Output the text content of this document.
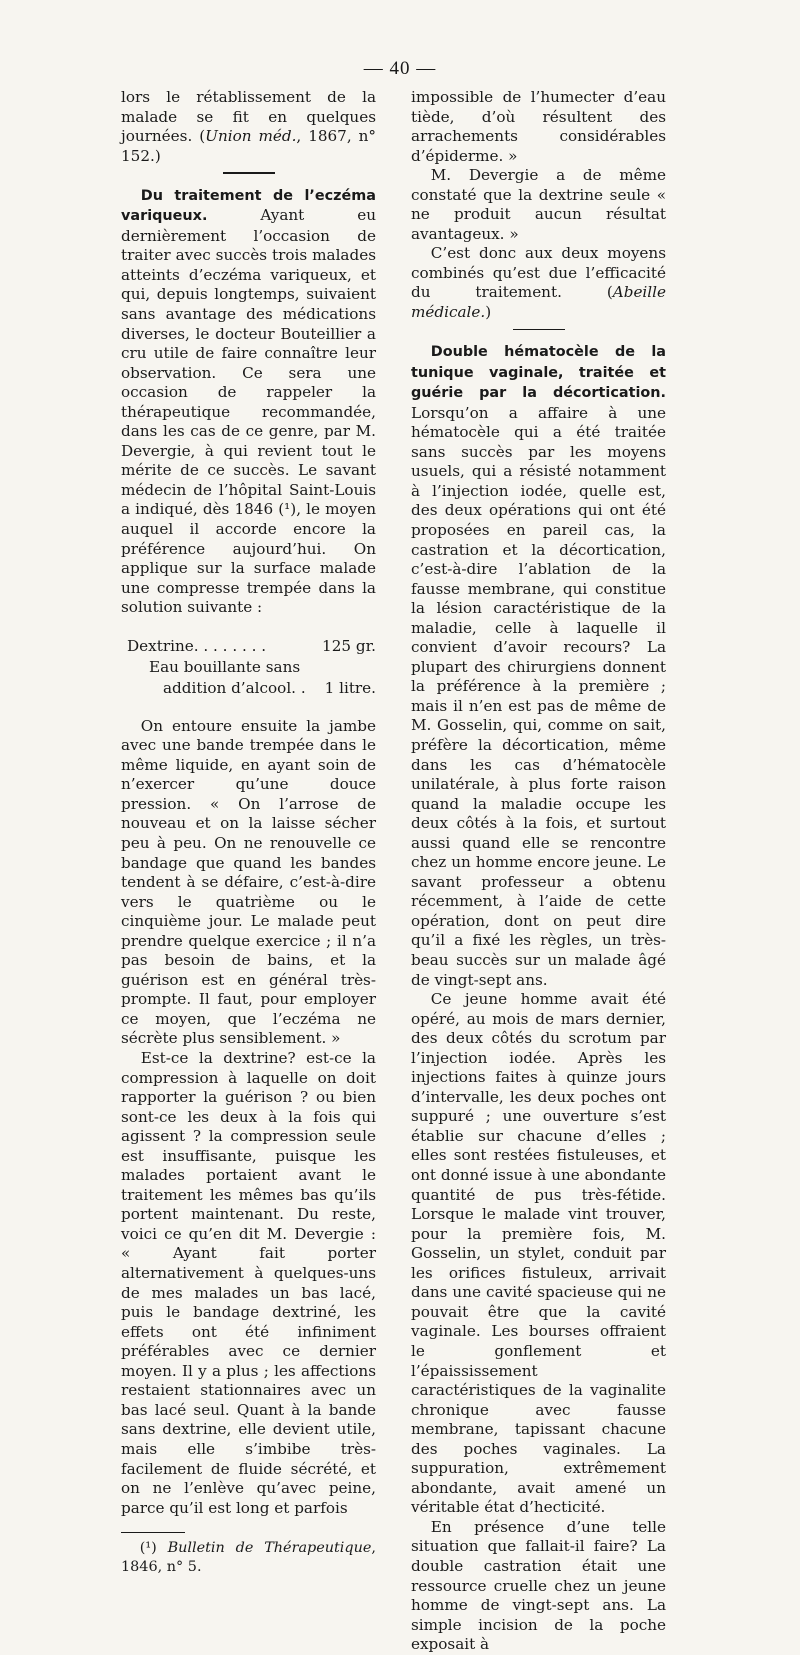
— 40 —

lors le rétablissement de la malade se fit en quelques journées. (Union méd., 1867, n° 152.)

Du traitement de l’eczéma variqueux. Ayant eu dernièrement l’occasion de traiter avec succès trois malades atteints d’eczéma variqueux, et qui, depuis longtemps, suivaient sans avantage des médications diverses, le docteur Bouteillier a cru utile de faire connaître leur observation. Ce sera une occasion de rappeler la thérapeutique recommandée, dans les cas de ce genre, par M. Devergie, à qui revient tout le mérite de ce succès. Le savant médecin de l’hôpital Saint-Louis a indiqué, dès 1846 (¹), le moyen auquel il accorde encore la préférence aujourd’hui. On applique sur la surface malade une compresse trempée dans la solution suivante :

Dextrine. . . . . . . .	125 gr.
Eau bouillante sans
addition d’alcool. . 1 litre.

On entoure ensuite la jambe avec une bande trempée dans le même liquide, en ayant soin de n’exercer qu’une douce pression. « On l’arrose de nouveau et on la laisse sécher peu à peu. On ne renouvelle ce bandage que quand les bandes tendent à se défaire, c’est-à-dire vers le quatrième ou le cinquième jour. Le malade peut prendre quelque exercice ; il n’a pas besoin de bains, et la guérison est en général très-prompte. Il faut, pour employer ce moyen, que l’eczéma ne sécrète plus sensiblement. »

Est-ce la dextrine? est-ce la compression à laquelle on doit rapporter la guérison ? ou bien sont-ce les deux à la fois qui agissent ? la compression seule est insuffisante, puisque les malades portaient avant le traitement les mêmes bas qu’ils portent maintenant. Du reste, voici ce qu’en dit M. Devergie : « Ayant fait porter alternativement à quelques-uns de mes malades un bas lacé, puis le bandage dextriné, les effets ont été infiniment préférables avec ce dernier moyen. Il y a plus ; les affections restaient stationnaires avec un bas lacé seul. Quant à la bande sans dextrine, elle devient utile, mais elle s’imbibe très-facilement de fluide sécrété, et on ne l’enlève qu’avec peine, parce qu’il est long et parfois

(¹) Bulletin de Thérapeutique, 1846, n° 5.

impossible de l’humecter d’eau tiède, d’où résultent des arrachements considérables d’épiderme. »

M. Devergie a de même constaté que la dextrine seule « ne produit aucun résultat avantageux. »

C’est donc aux deux moyens combinés qu’est due l’efficacité du traitement. (Abeille médicale.)

Double hématocèle de la tunique vaginale, traitée et guérie par la décortication. Lorsqu’on a affaire à une hématocèle qui a été traitée sans succès par les moyens usuels, qui a résisté notamment à l’injection iodée, quelle est, des deux opérations qui ont été proposées en pareil cas, la castration et la décortication, c’est-à-dire l’ablation de la fausse membrane, qui constitue la lésion caractéristique de la maladie, celle à laquelle il convient d’avoir recours? La plupart des chirurgiens donnent la préférence à la première ; mais il n’en est pas de même de M. Gosselin, qui, comme on sait, préfère la décortication, même dans les cas d’hématocèle unilatérale, à plus forte raison quand la maladie occupe les deux côtés à la fois, et surtout aussi quand elle se rencontre chez un homme encore jeune. Le savant professeur a obtenu récemment, à l’aide de cette opération, dont on peut dire qu’il a fixé les règles, un très-beau succès sur un malade âgé de vingt-sept ans.

Ce jeune homme avait été opéré, au mois de mars dernier, des deux côtés du scrotum par l’injection iodée. Après les injections faites à quinze jours d’intervalle, les deux poches ont suppuré ; une ouverture s’est établie sur chacune d’elles ; elles sont restées fistuleuses, et ont donné issue à une abondante quantité de pus très-fétide. Lorsque le malade vint trouver, pour la première fois, M. Gosselin, un stylet, conduit par les orifices fistuleux, arrivait dans une cavité spacieuse qui ne pouvait être que la cavité vaginale. Les bourses offraient le gonflement et l’épaississement caractéristiques de la vaginalite chronique avec fausse membrane, tapissant chacune des poches vaginales. La suppuration, extrêmement abondante, avait amené un véritable état d’hecticité.

En présence d’une telle situation que fallait-il faire? La double castration était une ressource cruelle chez un jeune homme de vingt-sept ans. La simple incision de la poche exposait à
